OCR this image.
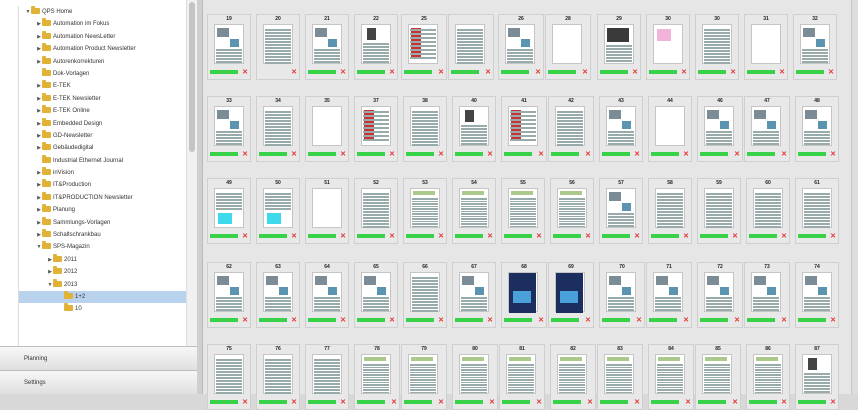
▼ QPS Home
▶ Automation im Fokus
▶ Automation NewsLetter
▶ Automation Product Newsletter
▶ Autorenkorrekturen
Dok-Vorlagen
▶ E-TEK
▶ E-TEK Newsletter
▶ E-TEK Online
▶ Embedded Design
▶ GD-Newsletter
▶ Gebäudedigital
Industrial Ethernet Journal
▶ inVision
▶ IT&Production
▶ IT&PRODUCTION Newsletter
▶ Planung
▶ Sammlungs-Vorlagen
▶ Schaltschrankbau
▼ SPS-Magazin
▶ 2011
▶ 2012
▼ 2013
1+2
10
Planning
Settings
19
✕
20
✕
21
✕
22
✕
25
✕	✕
26
✕
28
✕
29
✕
30
✕
30
✕
31
✕
32
✕
33
✕
34
✕
35
✕
37
✕
38
✕
40
✕
41
✕
42
✕
43
✕
44
✕
46
✕
47
✕
48
✕
49
✕
50
✕
51
✕
52
✕
53
✕
54
✕
55
✕
56
✕
57
✕
58
✕
59
✕
60
✕
61
✕
62
✕
63
✕
64
✕
65
✕
66
✕
67
✕
68
✕
69
✕
70
✕
71
✕
72
✕
73
✕
74
✕
75
✕
76
✕
77
✕
78
✕
79
✕
80
✕
81
✕
82
✕
83
✕
84
✕
85
✕
86
✕
87
✕
